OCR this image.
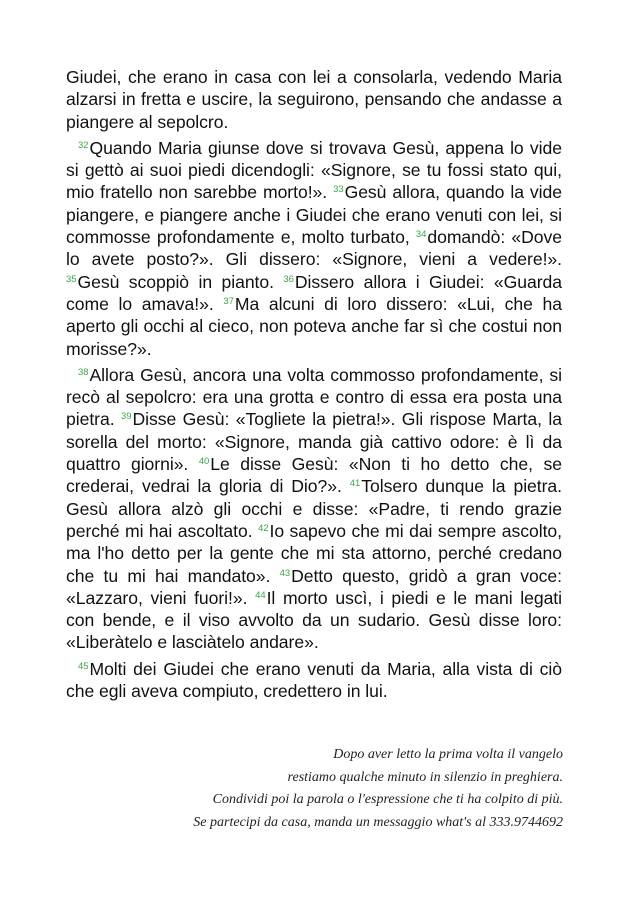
Giudei, che erano in casa con lei a consolarla, vedendo Maria alzarsi in fretta e uscire, la seguirono, pensando che andasse a piangere al sepolcro.

$^{32}$Quando Maria giunse dove si trovava Gesù, appena lo vide si gettò ai suoi piedi dicendogli: «Signore, se tu fossi stato qui, mio fratello non sarebbe morto!». $^{33}$Gesù allora, quando la vide piangere, e piangere anche i Giudei che erano venuti con lei, si commosse profondamente e, molto turbato, $^{34}$domandò: «Dove lo avete posto?». Gli dissero: «Signore, vieni a vedere!». $^{35}$Gesù scoppiò in pianto. $^{36}$Dissero allora i Giudei: «Guarda come lo amava!». $^{37}$Ma alcuni di loro dissero: «Lui, che ha aperto gli occhi al cieco, non poteva anche far sì che costui non morisse?».

$^{38}$Allora Gesù, ancora una volta commosso profondamente, si recò al sepolcro: era una grotta e contro di essa era posta una pietra. $^{39}$Disse Gesù: «Togliete la pietra!». Gli rispose Marta, la sorella del morto: «Signore, manda già cattivo odore: è lì da quattro giorni». $^{40}$Le disse Gesù: «Non ti ho detto che, se crederai, vedrai la gloria di Dio?». $^{41}$Tolsero dunque la pietra. Gesù allora alzò gli occhi e disse: «Padre, ti rendo grazie perché mi hai ascoltato. $^{42}$Io sapevo che mi dai sempre ascolto, ma l'ho detto per la gente che mi sta attorno, perché credano che tu mi hai mandato». $^{43}$Detto questo, gridò a gran voce: «Lazzaro, vieni fuori!». $^{44}$Il morto uscì, i piedi e le mani legati con bende, e il viso avvolto da un sudario. Gesù disse loro: «Liberàtelo e lasciàtelo andare».

$^{45}$Molti dei Giudei che erano venuti da Maria, alla vista di ciò che egli aveva compiuto, credettero in lui.

Dopo aver letto la prima volta il vangelo
restiamo qualche minuto in silenzio in preghiera.
Condividi poi la parola o l'espressione che ti ha colpito di più.
Se partecipi da casa, manda un messaggio what's al 333.9744692
